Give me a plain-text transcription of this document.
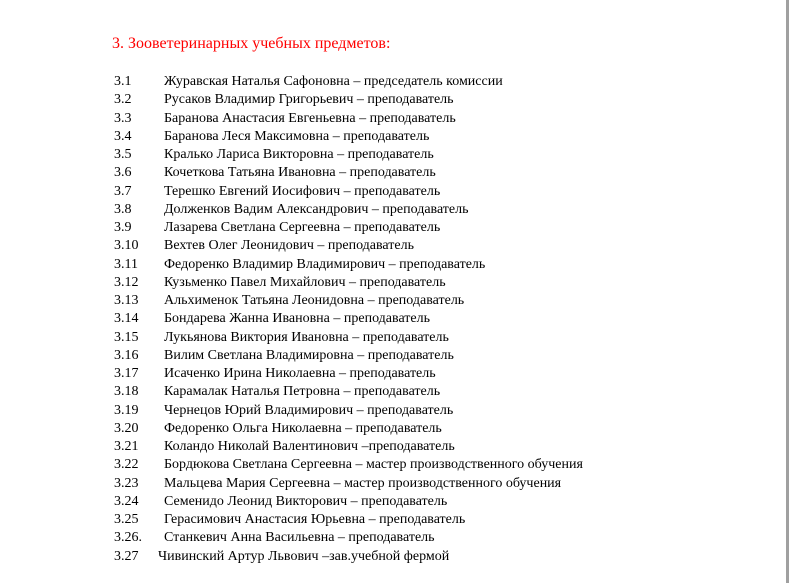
3. Зооветеринарных учебных предметов:
3.1 Журавская Наталья Сафоновна – председатель комиссии
3.2 Русаков Владимир Григорьевич – преподаватель
3.3 Баранова Анастасия Евгеньевна – преподаватель
3.4 Баранова Леся Максимовна – преподаватель
3.5 Кралько Лариса Викторовна – преподаватель
3.6 Кочеткова Татьяна Ивановна – преподаватель
3.7 Терешко Евгений Иосифович – преподаватель
3.8 Долженков Вадим Александрович – преподаватель
3.9 Лазарева Светлана Сергеевна – преподаватель
3.10 Вехтев Олег Леонидович – преподаватель
3.11 Федоренко Владимир Владимирович – преподаватель
3.12 Кузьменко Павел Михайлович – преподаватель
3.13 Альхименок Татьяна Леонидовна – преподаватель
3.14 Бондарева Жанна Ивановна – преподаватель
3.15 Лукьянова Виктория Ивановна – преподаватель
3.16 Вилим Светлана Владимировна – преподаватель
3.17 Исаченко Ирина Николаевна – преподаватель
3.18 Карамалак Наталья Петровна – преподаватель
3.19 Чернецов Юрий Владимирович – преподаватель
3.20 Федоренко Ольга Николаевна – преподаватель
3.21 Коландо Николай Валентинович –преподаватель
3.22 Бордюкова Светлана Сергеевна – мастер производственного обучения
3.23 Мальцева Мария Сергеевна – мастер производственного обучения
3.24 Семенидо Леонид Викторович – преподаватель
3.25 Герасимович Анастасия Юрьевна – преподаватель
3.26. Станкевич Анна Васильевна – преподаватель
3.27 Чивинский Артур Львович –зав.учебной фермой
